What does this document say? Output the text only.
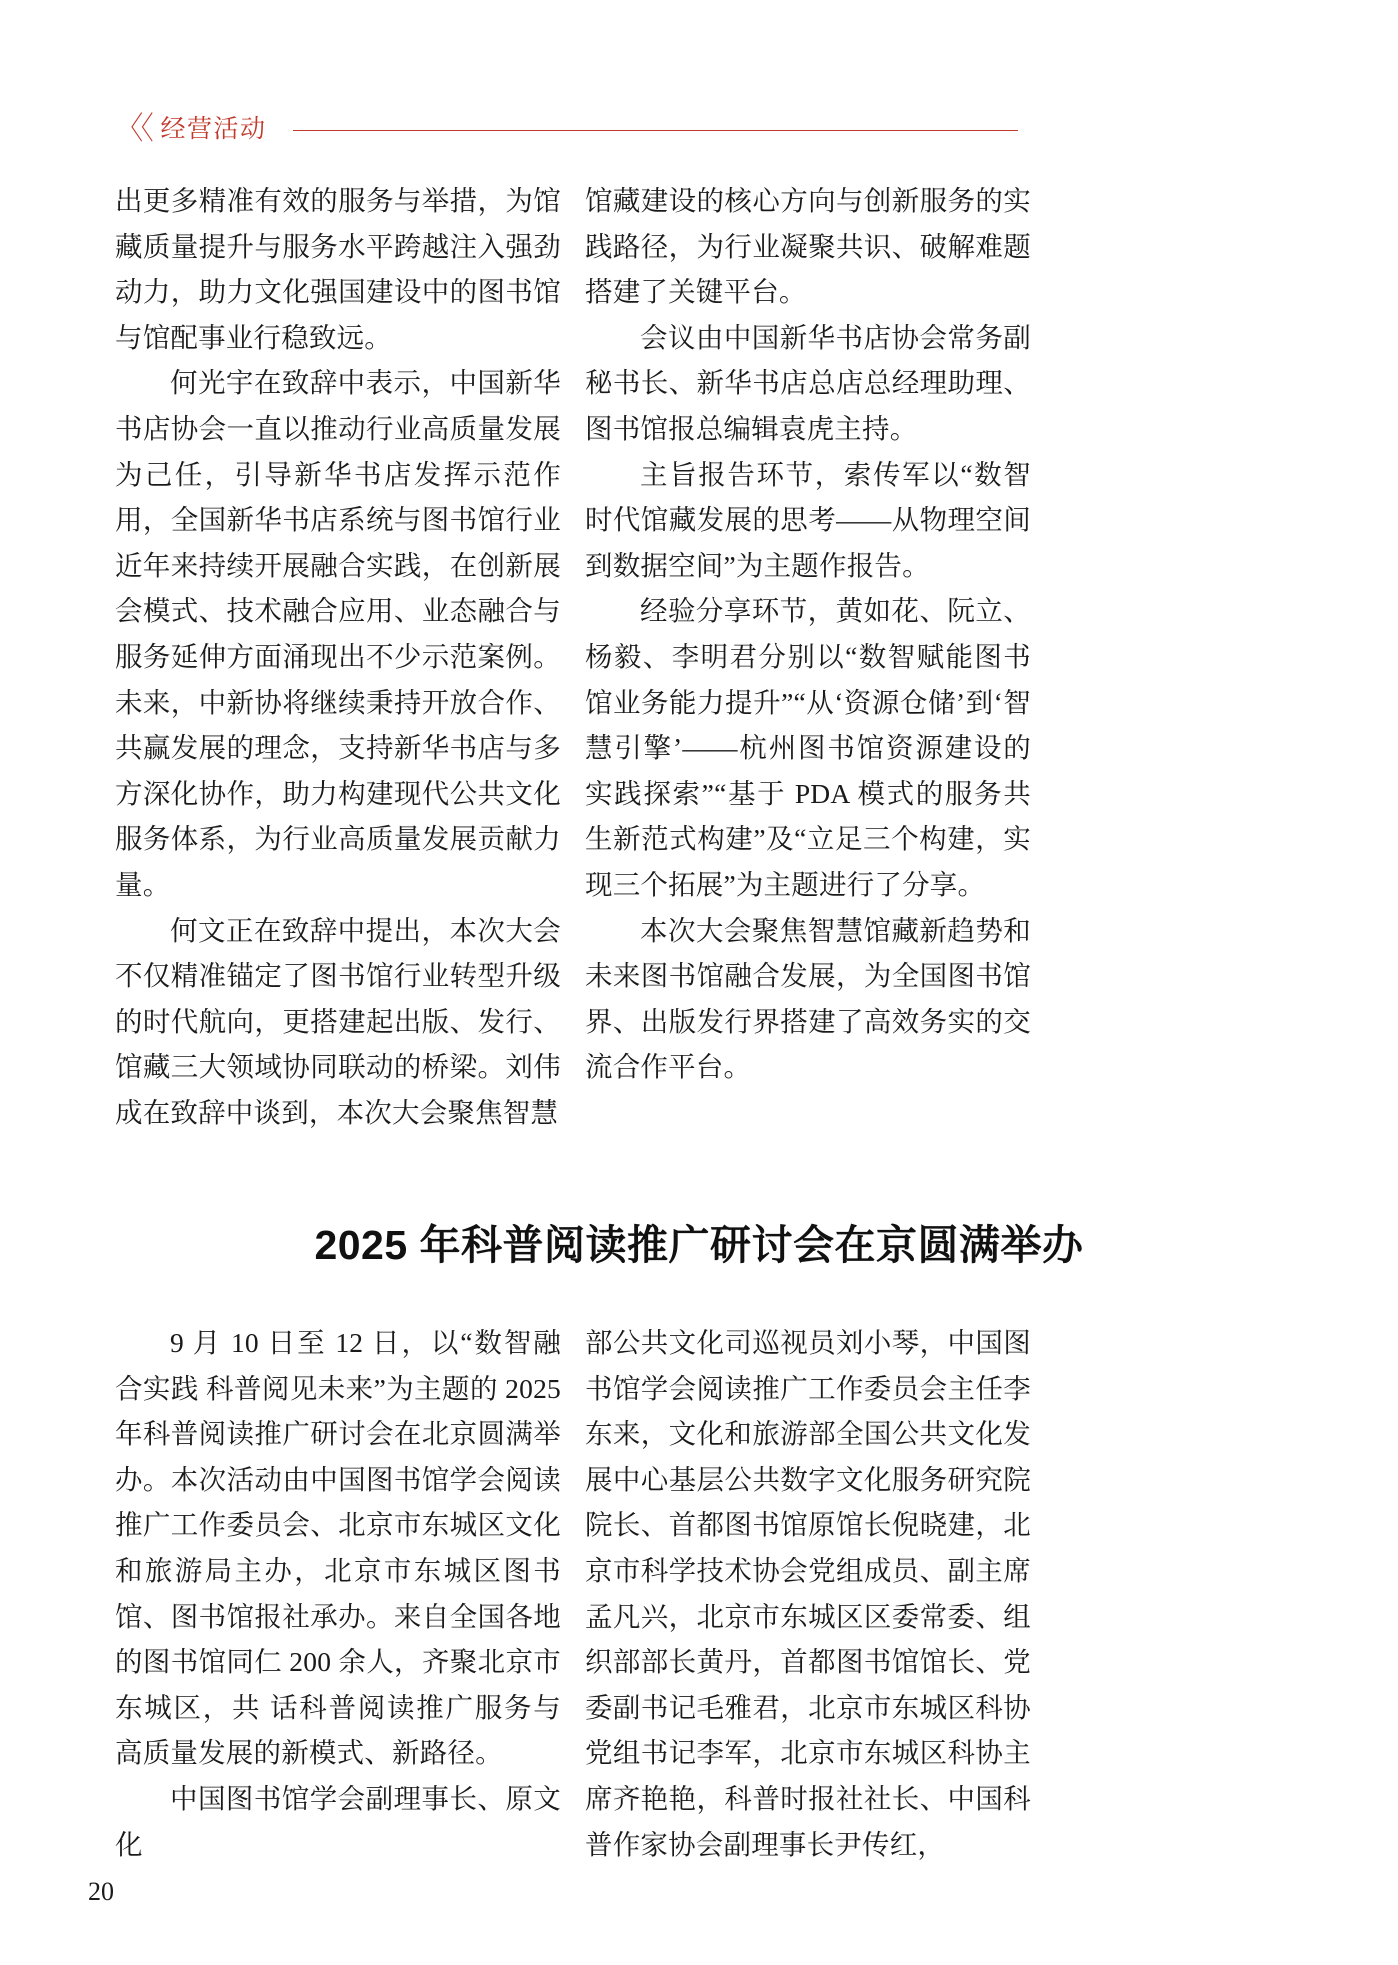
〈〈 经营活动

出更多精准有效的服务与举措，为馆藏质量提升与服务水平跨越注入强劲动力，助力文化强国建设中的图书馆与馆配事业行稳致远。

何光宇在致辞中表示，中国新华书店协会一直以推动行业高质量发展为己任，引导新华书店发挥示范作用，全国新华书店系统与图书馆行业近年来持续开展融合实践，在创新展会模式、技术融合应用、业态融合与服务延伸方面涌现出不少示范案例。未来，中新协将继续秉持开放合作、共赢发展的理念，支持新华书店与多方深化协作，助力构建现代公共文化服务体系，为行业高质量发展贡献力量。

何文正在致辞中提出，本次大会不仅精准锚定了图书馆行业转型升级的时代航向，更搭建起出版、发行、馆藏三大领域协同联动的桥梁。刘伟成在致辞中谈到，本次大会聚焦智慧

馆藏建设的核心方向与创新服务的实践路径，为行业凝聚共识、破解难题搭建了关键平台。

会议由中国新华书店协会常务副秘书长、新华书店总店总经理助理、图书馆报总编辑袁虎主持。

主旨报告环节，索传军以“数智时代馆藏发展的思考——从物理空间到数据空间”为主题作报告。

经验分享环节，黄如花、阮立、杨毅、李明君分别以“数智赋能图书馆业务能力提升”“从‘资源仓储’到‘智慧引擎’——杭州图书馆资源建设的实践探索”“基于 PDA 模式的服务共生新范式构建”及“立足三个构建，实现三个拓展”为主题进行了分享。

本次大会聚焦智慧馆藏新趋势和未来图书馆融合发展，为全国图书馆界、出版发行界搭建了高效务实的交流合作平台。

2025 年科普阅读推广研讨会在京圆满举办

9 月 10 日至 12 日，以“数智融合实践 科普阅见未来”为主题的 2025 年科普阅读推广研讨会在北京圆满举办。本次活动由中国图书馆学会阅读推广工作委员会、北京市东城区文化和旅游局主办，北京市东城区图书馆、图书馆报社承办。来自全国各地的图书馆同仁 200 余人，齐聚北京市东城区，共 话科普阅读推广服务与高质量发展的新模式、新路径。

中国图书馆学会副理事长、原文化

部公共文化司巡视员刘小琴，中国图书馆学会阅读推广工作委员会主任李东来，文化和旅游部全国公共文化发展中心基层公共数字文化服务研究院院长、首都图书馆原馆长倪晓建，北京市科学技术协会党组成员、副主席孟凡兴，北京市东城区区委常委、组织部部长黄丹，首都图书馆馆长、党委副书记毛雅君，北京市东城区科协党组书记李军，北京市东城区科协主席齐艳艳，科普时报社社长、中国科普作家协会副理事长尹传红，

20
